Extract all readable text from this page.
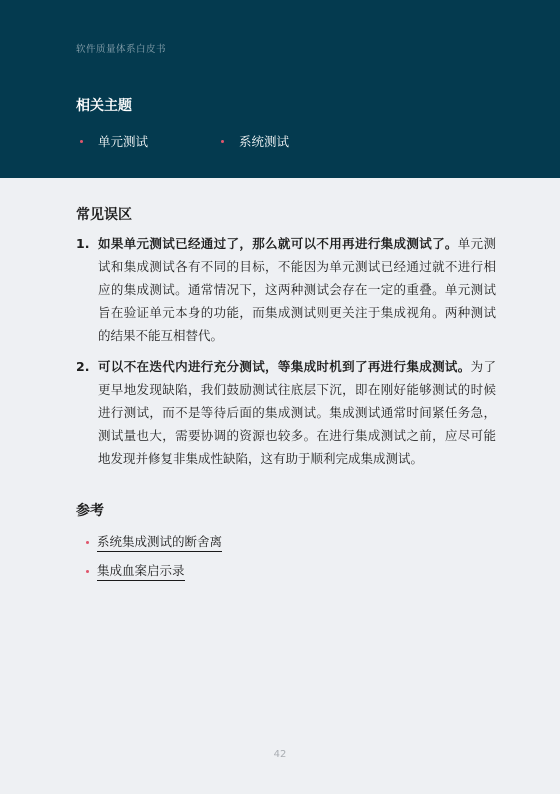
软件质量体系白皮书
相关主题
单元测试	系统测试
常见误区
1. 如果单元测试已经通过了，那么就可以不用再进行集成测试了。单元测试和集成测试各有不同的目标，不能因为单元测试已经通过就不进行相应的集成测试。通常情况下，这两种测试会存在一定的重叠。单元测试旨在验证单元本身的功能，而集成测试则更关注于集成视角。两种测试的结果不能互相替代。
2. 可以不在迭代内进行充分测试，等集成时机到了再进行集成测试。为了更早地发现缺陷，我们鼓励测试往底层下沉，即在刚好能够测试的时候进行测试，而不是等待后面的集成测试。集成测试通常时间紧任务急，测试量也大，需要协调的资源也较多。在进行集成测试之前，应尽可能地发现并修复非集成性缺陷，这有助于顺利完成集成测试。
参考
系统集成测试的断舍离
集成血案启示录
42
